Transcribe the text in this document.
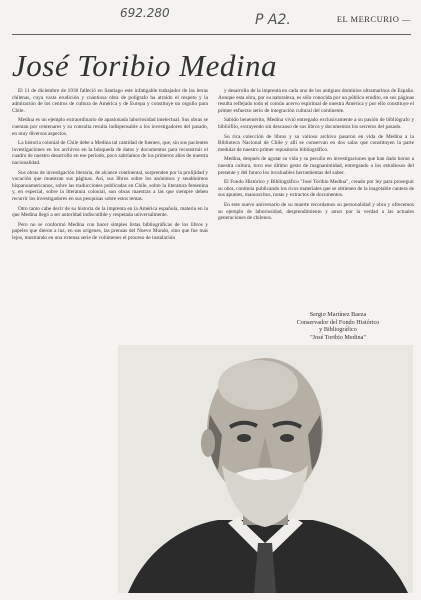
692.280	P A2.	EL MERCURIO —
José Toribio Medina

El 11 de diciembre de 1930 falleció en Santiago este infatigable trabajador de las letras chilenas, cuya vasta erudición y cuantiosa obra de polígrafo ha atraído el respeto y la admiración de los centros de cultura de América y de Europa y constituye un orgullo para Chile.

Medina es un ejemplo extraordinario de apasionada laboriosidad intelectual. Sus obras se cuentan por centenares y su consulta resulta indispensable a los investigadores del pasado, en muy diversos aspectos.

La historia colonial de Chile debe a Medina tal cantidad de fuentes, que, sin sus pacientes investigaciones en los archivos en la búsqueda de datos y documentos para reconstruir el cuadro de nuestro desarrollo en ese período, poco sabríamos de los primeros años de nuestra nacionalidad.

Sus obras de investigación literaria, de alcance continental, sorprenden por la prolijidad y vocación que muestran sus páginas. Así, sus libros sobre los anónimos y seudónimos hispanoamericanos, sobre las traducciones publicadas en Chile, sobre la literatura femenina y, en especial, sobre la literatura colonial, son obras maestras a las que siempre deben recurrir los investigadores en sus pesquisas sobre estos temas.

Otro tanto cabe decir de su historia de la imprenta en la América española, materia en la que Medina llegó a ser autoridad indiscutible y respetada universalmente.

Pero no se conformó Medina con hacer simples listas bibliográficas de los libros y papeles que dieron a luz, en sus orígenes, las prensas del Nuevo Mundo, sino que fue más lejos, mostrando en una extensa serie de volúmenes el proceso de instalación

y desarrollo de la imprenta en cada uno de los antiguos dominios ultramarinos de España. Aunque esta obra, por su naturaleza, es sólo conocida por un público erudito, en sus páginas resulta reflejado todo el común acervo espiritual de nuestra América y por ello constituye el primer esfuerzo serio de integración cultural del continente.

Sabido benemérito, Medina vivió entregado exclusivamente a su pasión de bibliógrafo y bibliófilo, extrayendo sin descanso de sus libros y documentos los secretos del pasado.

Su rica colección de libros y su valioso archivo pasaron en vida de Medina a la Biblioteca Nacional de Chile y allí se conservan en dos salas que constituyen la parte medular de nuestro primer repositorio bibliográfico.

Medina, después de agotar su vida y su peculio en investigaciones que han dado honor a nuestra cultura, tuvo ese último gesto de magnanimidad, entregando a los estudiosos del presente y del futuro los invaluables herramientas del saber.

El Fondo Histórico y Bibliográfico "José Toribio Medina", creado por ley para proseguir su obra, continúa publicando los ricos materiales que se obtienen de la inagotable cantera de sus apuntes, manuscritos, notas y extractos de documentos.

En este nuevo aniversario de su muerte recordamos su personalidad y obra y ofrecemos su ejemplo de laboriosidad, desprendimiento y amor por la verdad a las actuales generaciones de chilenos.

Sergio Martínez Baeza
Conservador del Fondo Histórico
y Bibliográfico
"José Toribio Medina"
